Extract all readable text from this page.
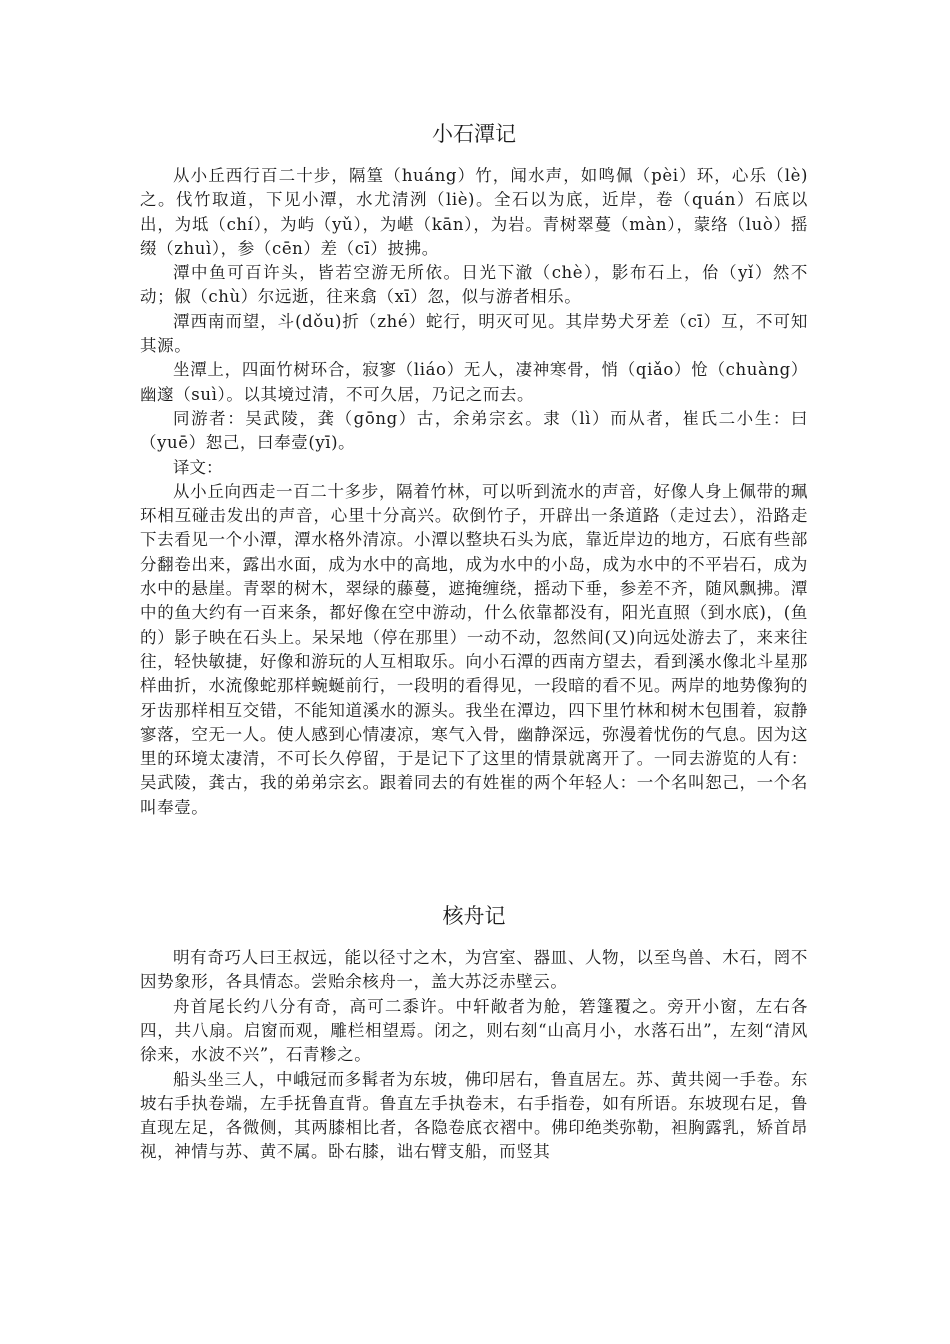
小石潭记

从小丘西行百二十步，隔篁（huáng）竹，闻水声，如鸣佩（pèi）环，心乐（lè)之。伐竹取道，下见小潭，水尤清洌（liè)。全石以为底，近岸，卷（quán）石底以出，为坻（chí），为屿（yǔ），为嵁（kān），为岩。青树翠蔓（màn），蒙络（luò）摇缀（zhuì），参（cēn）差（cī）披拂。

潭中鱼可百许头，皆若空游无所依。日光下澈（chè），影布石上，佁（yǐ）然不动；俶（chù）尔远逝，往来翕（xī）忽，似与游者相乐。

潭西南而望，斗(dǒu)折（zhé）蛇行，明灭可见。其岸势犬牙差（cī）互，不可知其源。

坐潭上，四面竹树环合，寂寥（liáo）无人，凄神寒骨，悄（qiǎo）怆（chuàng）幽邃（suì）。以其境过清，不可久居，乃记之而去。

同游者：吴武陵，龚（gōng）古，余弟宗玄。隶（lì）而从者，崔氏二小生：曰（yuē）恕己，曰奉壹(yī)。

译文：

从小丘向西走一百二十多步，隔着竹林，可以听到流水的声音，好像人身上佩带的珮环相互碰击发出的声音，心里十分高兴。砍倒竹子，开辟出一条道路（走过去），沿路走下去看见一个小潭，潭水格外清凉。小潭以整块石头为底，靠近岸边的地方，石底有些部分翻卷出来，露出水面，成为水中的高地，成为水中的小岛，成为水中的不平岩石，成为水中的悬崖。青翠的树木，翠绿的藤蔓，遮掩缠绕，摇动下垂，参差不齐，随风飘拂。潭中的鱼大约有一百来条，都好像在空中游动，什么依靠都没有，阳光直照（到水底)，(鱼的）影子映在石头上。呆呆地（停在那里）一动不动，忽然间(又)向远处游去了，来来往往，轻快敏捷，好像和游玩的人互相取乐。向小石潭的西南方望去，看到溪水像北斗星那样曲折，水流像蛇那样蜿蜒前行，一段明的看得见，一段暗的看不见。两岸的地势像狗的牙齿那样相互交错，不能知道溪水的源头。我坐在潭边，四下里竹林和树木包围着，寂静寥落，空无一人。使人感到心情凄凉，寒气入骨，幽静深远，弥漫着忧伤的气息。因为这里的环境太凄清，不可长久停留，于是记下了这里的情景就离开了。一同去游览的人有：吴武陵，龚古，我的弟弟宗玄。跟着同去的有姓崔的两个年轻人：一个名叫恕己，一个名叫奉壹。

核舟记

明有奇巧人曰王叔远，能以径寸之木，为宫室、器皿、人物，以至鸟兽、木石，罔不因势象形，各具情态。尝贻余核舟一，盖大苏泛赤壁云。

舟首尾长约八分有奇，高可二黍许。中轩敞者为舱，箬篷覆之。旁开小窗，左右各四，共八扇。启窗而观，雕栏相望焉。闭之，则右刻“山高月小，水落石出”，左刻“清风徐来，水波不兴”，石青糁之。

船头坐三人，中峨冠而多髯者为东坡，佛印居右，鲁直居左。苏、黄共阅一手卷。东坡右手执卷端，左手抚鲁直背。鲁直左手执卷末，右手指卷，如有所语。东坡现右足，鲁直现左足，各微侧，其两膝相比者，各隐卷底衣褶中。佛印绝类弥勒，袒胸露乳，矫首昂视，神情与苏、黄不属。卧右膝，诎右臂支船，而竖其
